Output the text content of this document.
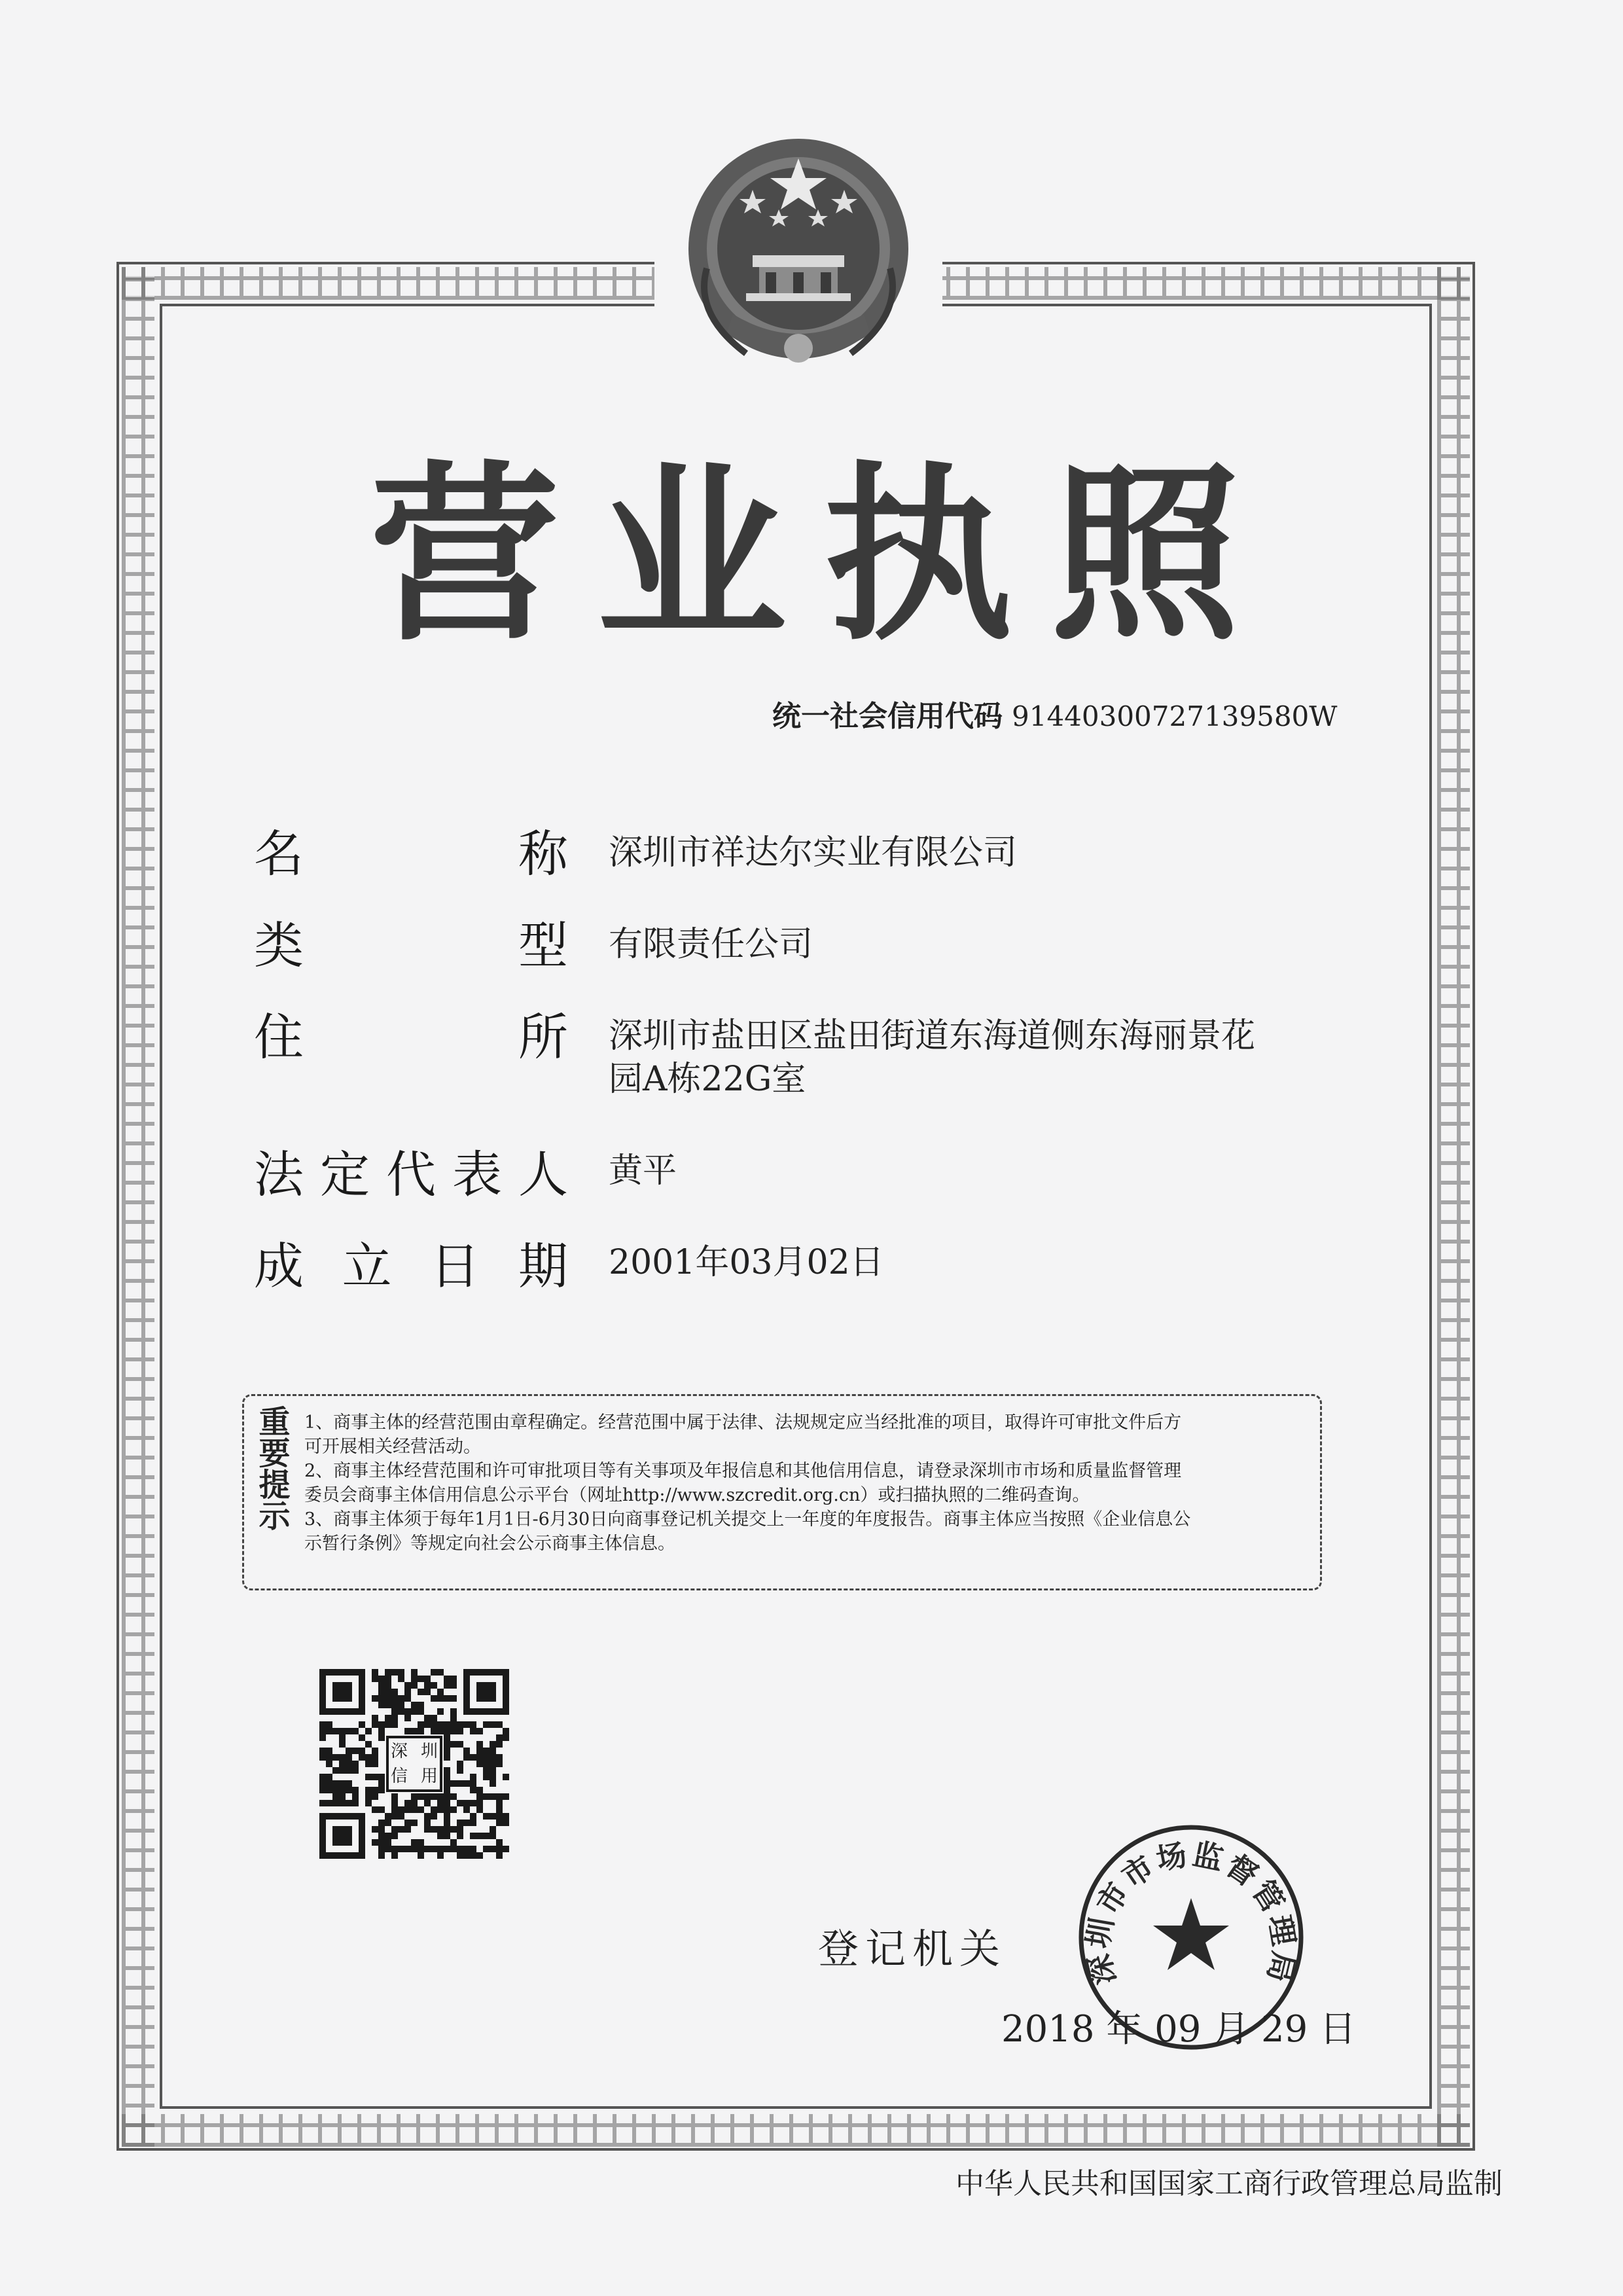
营 业 执 照
统一社会信用代码 91440300727139580W
名	称 深圳市祥达尔实业有限公司
类	型 有限责任公司
住	所 深圳市盐田区盐田街道东海道侧东海丽景花
园A栋22G室
法 定 代 表 人 黄平
成 立 日 期 2001年03月02日
重要提示 1、商事主体的经营范围由章程确定。经营范围中属于法律、法规规定应当经批准的项目，取得许可审批文件后方

可开展相关经营活动。

2、商事主体经营范围和许可审批项目等有关事项及年报信息和其他信用信息，请登录深圳市市场和质量监督管理

委员会商事主体信用信息公示平台（网址http://www.szcredit.org.cn）或扫描执照的二维码查询。

3、商事主体须于每年1月1日-6月30日向商事登记机关提交上一年度的年度报告。商事主体应当按照《企业信息公

示暂行条例》等规定向社会公示商事主体信息。

深 圳
信 用
登记机关 深圳市市场监督管理局
2018 年 09 月 29 日
中华人民共和国国家工商行政管理总局监制
